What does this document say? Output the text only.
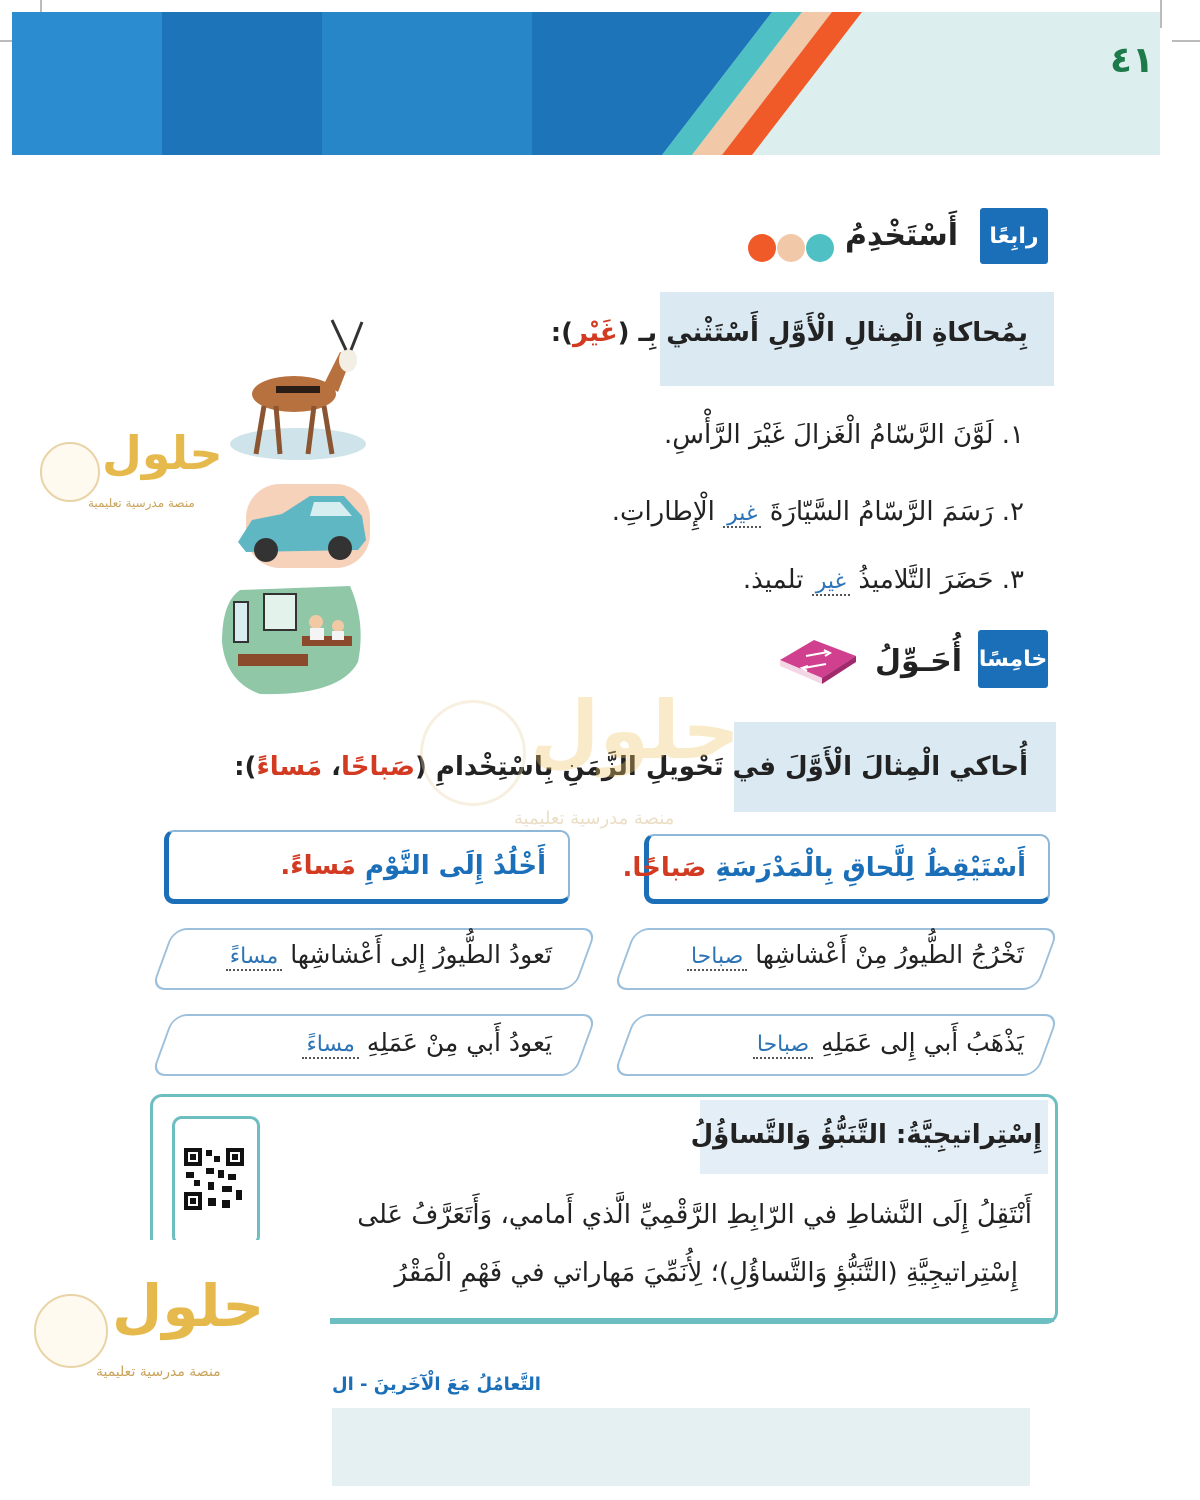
٤١
رابِعًا
أَسْتَخْدِمُ
بِمُحاكاةِ الْمِثالِ الْأَوَّلِ أَسْتَثْني بِـ (غَيْر):
١. لَوَّنَ الرَّسّامُ الْغَزالَ غَيْرَ الرَّأْسِ.
٢. رَسَمَ الرَّسّامُ السَّيّارَةَ غير الْإِطاراتِ.
٣. حَضَرَ التَّلاميذُ غير تلميذ.
خامِسًا
أُحَـوِّلُ
أُحاكي الْمِثالَ الْأَوَّلَ في تَحْويلِ الزَّمَنِ بِاسْتِخْدامِ (صَباحًا، مَساءً):
أَسْتَيْقِظُ لِلَّحاقِ بِالْمَدْرَسَةِ

صَباحًا.
أَخْلُدُ إِلَى النَّوْمِ

مَساءً.
تَخْرُجُ الطُّيورُ مِنْ أَعْشاشِها صباحا
تَعودُ الطُّيورُ إِلى أَعْشاشِها مساءً
يَذْهَبُ أَبي إِلى عَمَلِهِ صباحا
يَعودُ أَبي مِنْ عَمَلِهِ مساءً
إِسْتِراتيجِيَّةُ: التَّنَبُّؤُ وَالتَّساؤُلُ
أَنْتَقِلُ إِلَى النَّشاطِ في الرّابِطِ الرَّقْمِيِّ الَّذي أَمامي، وَأَتَعَرَّفُ عَلى
إِسْتِراتيجِيَّةِ (التَّنَبُّؤِ وَالتَّساؤُلِ)؛ لِأُنَمِّيَ مَهاراتي في فَهْمِ الْمَقْرُ
التَّعامُلُ مَعَ الْآخَرينَ - ال
حلول
منصة مدرسية تعليمية
حلول
منصة مدرسية تعليمية
حلول
منصة مدرسية تعليمية
